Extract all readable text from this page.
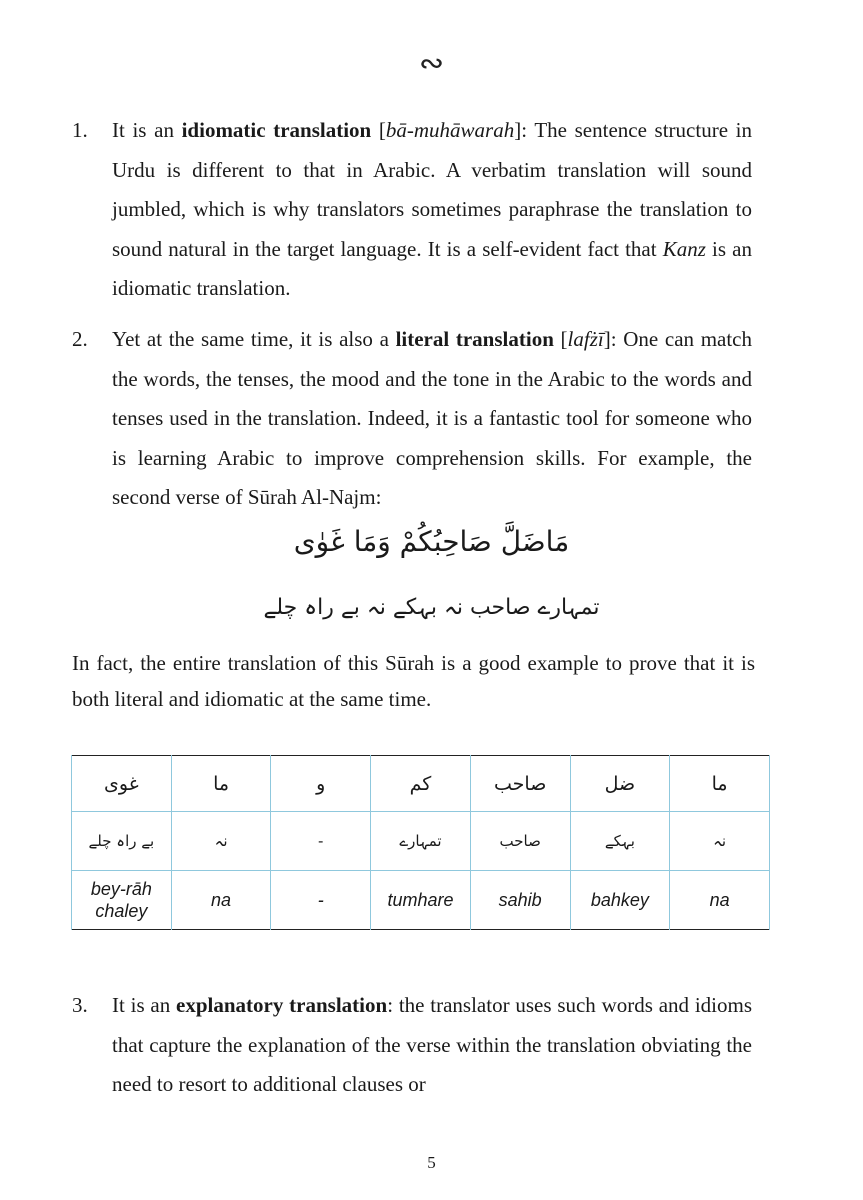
∾
1.	It is an idiomatic translation [bā-muhāwarah]: The sentence structure in Urdu is different to that in Arabic. A verbatim translation will sound jumbled, which is why translators sometimes paraphrase the translation to sound natural in the target language. It is a self-evident fact that Kanz is an idiomatic translation.
2.	Yet at the same time, it is also a literal translation [lafżī]: One can match the words, the tenses, the mood and the tone in the Arabic to the words and tenses used in the translation. Indeed, it is a fantastic tool for someone who is learning Arabic to improve comprehension skills. For example, the second verse of Sūrah Al-Najm:
مَاضَلَّ صَاحِبُكُمْ وَمَا غَوٰى
تمہارے صاحب نہ بہکے نہ بے راہ چلے
In fact, the entire translation of this Sūrah is a good example to prove that it is both literal and idiomatic at the same time.
غوى	ما	و	كم	صاحب	ضل	ما
بے راہ چلے	نہ	-	تمہارے	صاحب	بہکے	نہ
bey-rāh chaley	na	-	tumhare	sahib	bahkey	na
3.	It is an explanatory translation: the translator uses such words and idioms that capture the explanation of the verse within the translation obviating the need to resort to additional clauses or
5
